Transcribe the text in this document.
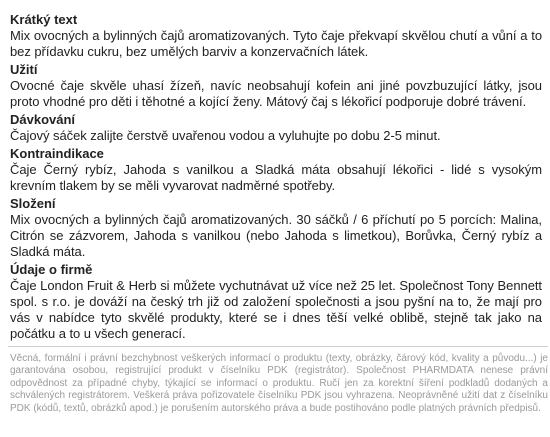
Krátký text
Mix ovocných a bylinných čajů aromatizovaných. Tyto čaje překvapí skvělou chutí a vůní a to bez přídavku cukru, bez umělých barviv a konzervačních látek.
Užití
Ovocné čaje skvěle uhasí žízeň, navíc neobsahují kofein ani jiné povzbuzující látky, jsou proto vhodné pro děti i těhotné a kojící ženy. Mátový čaj s lékořicí podporuje dobré trávení.
Dávkování
Čajový sáček zalijte čerstvě uvařenou vodou a vyluhujte po dobu 2-5 minut.
Kontraindikace
Čaje Černý rybíz, Jahoda s vanilkou a Sladká máta obsahují lékořici - lidé s vysokým krevním tlakem by se měli vyvarovat nadměrné spotřeby.
Složení
Mix ovocných a bylinných čajů aromatizovaných. 30 sáčků / 6 příchutí po 5 porcích: Malina, Citrón se zázvorem, Jahoda s vanilkou (nebo Jahoda s limetkou), Borůvka, Černý rybíz a Sladká máta.
Údaje o firmě
Čaje London Fruit & Herb si můžete vychutnávat už více než 25 let. Společnost Tony Bennett spol. s r.o. je dováží na český trh již od založení společnosti a jsou pyšní na to, že mají pro vás v nabídce tyto skvělé produkty, které se i dnes těší velké oblibě, stejně tak jako na počátku a to u všech generací.
Věcná, formální i právní bezchybnost veškerých informací o produktu (texty, obrázky, čárový kód, kvality a původu...) je garantována osobou, registrující produkt v číselníku PDK (registrátor). Společnost PHARMDATA nenese právní odpovědnost za případné chyby, týkající se informací o produktu. Ručí jen za korektní šíření podkladů dodaných a schválených registrátorem. Veškerá práva pořizovatele číselníku PDK jsou vyhrazena. Neoprávněné užití dat z číselníku PDK (kódů, textů, obrázků apod.) je porušením autorského práva a bude postihováno podle platných právních předpisů.
